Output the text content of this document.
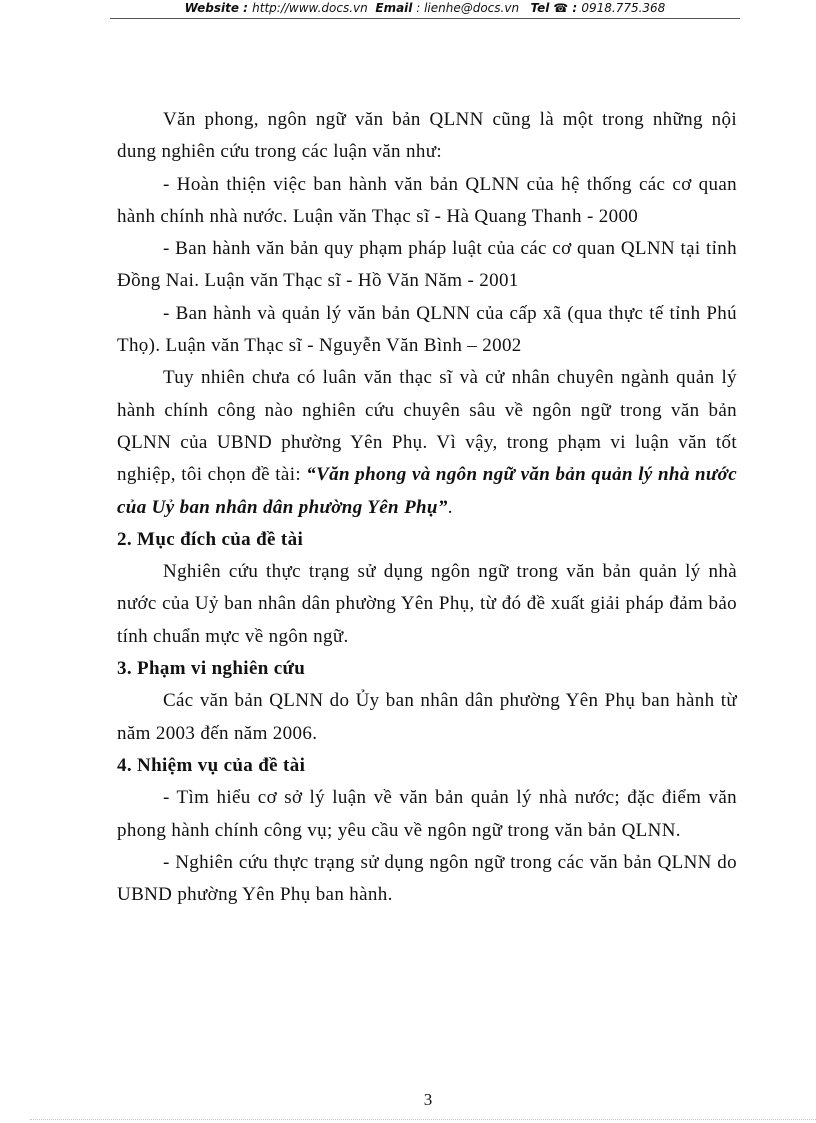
Website : http://www.docs.vn Email : lienhe@docs.vn Tel ☎ : 0918.775.368

Văn phong, ngôn ngữ văn bản QLNN cũng là một trong những nội dung nghiên cứu trong các luận văn như:

- Hoàn thiện việc ban hành văn bản QLNN của hệ thống các cơ quan hành chính nhà nước. Luận văn Thạc sĩ - Hà Quang Thanh - 2000

- Ban hành văn bản quy phạm pháp luật của các cơ quan QLNN tại tỉnh Đồng Nai. Luận văn Thạc sĩ - Hồ Văn Năm - 2001

- Ban hành và quản lý văn bản QLNN của cấp xã (qua thực tế tỉnh Phú Thọ). Luận văn Thạc sĩ - Nguyễn Văn Bình – 2002

Tuy nhiên chưa có luân văn thạc sĩ và cử nhân chuyên ngành quản lý hành chính công nào nghiên cứu chuyên sâu về ngôn ngữ trong văn bản QLNN của UBND phường Yên Phụ. Vì vậy, trong phạm vi luận văn tốt nghiệp, tôi chọn đề tài: “Văn phong và ngôn ngữ văn bản quản lý nhà nước của Uỷ ban nhân dân phường Yên Phụ”.

2. Mục đích của đề tài

Nghiên cứu thực trạng sử dụng ngôn ngữ trong văn bản quản lý nhà nước của Uỷ ban nhân dân phường Yên Phụ, từ đó đề xuất giải pháp đảm bảo tính chuẩn mực về ngôn ngữ.

3. Phạm vi nghiên cứu

Các văn bản QLNN do Ủy ban nhân dân phường Yên Phụ ban hành từ năm 2003 đến năm 2006.

4. Nhiệm vụ của đề tài

- Tìm hiểu cơ sở lý luận về văn bản quản lý nhà nước; đặc điểm văn phong hành chính công vụ; yêu cầu về ngôn ngữ trong văn bản QLNN.

- Nghiên cứu thực trạng sử dụng ngôn ngữ trong các văn bản QLNN do UBND phường Yên Phụ ban hành.

3
